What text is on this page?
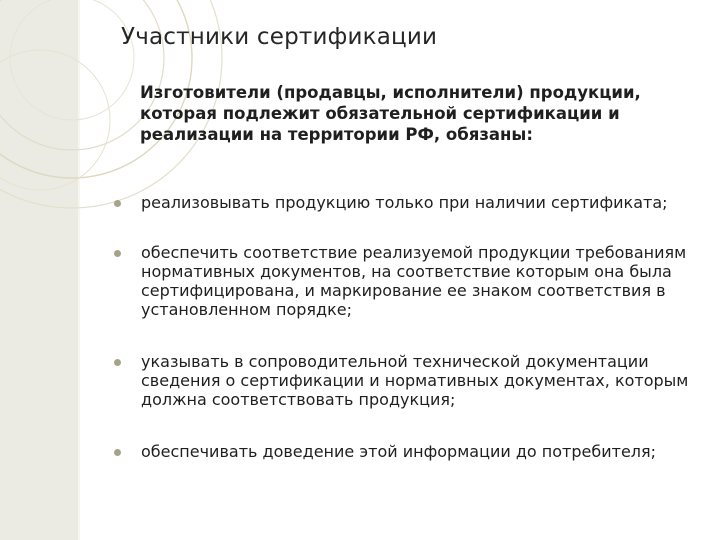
Участники сертификации
Изготовители (продавцы, исполнители) продукции, которая подлежит обязательной сертификации и реализации на территории РФ, обязаны:
реализовывать продукцию только при наличии сертификата;
обеспечить соответствие реализуемой продукции требованиям нормативных документов, на соответствие которым она была сертифицирована, и маркирование ее знаком соответствия в установленном порядке;
указывать в сопроводительной технической документации сведения о сертификации и нормативных документах, которым должна соответствовать продукция;
обеспечивать доведение этой информации до потребителя;
